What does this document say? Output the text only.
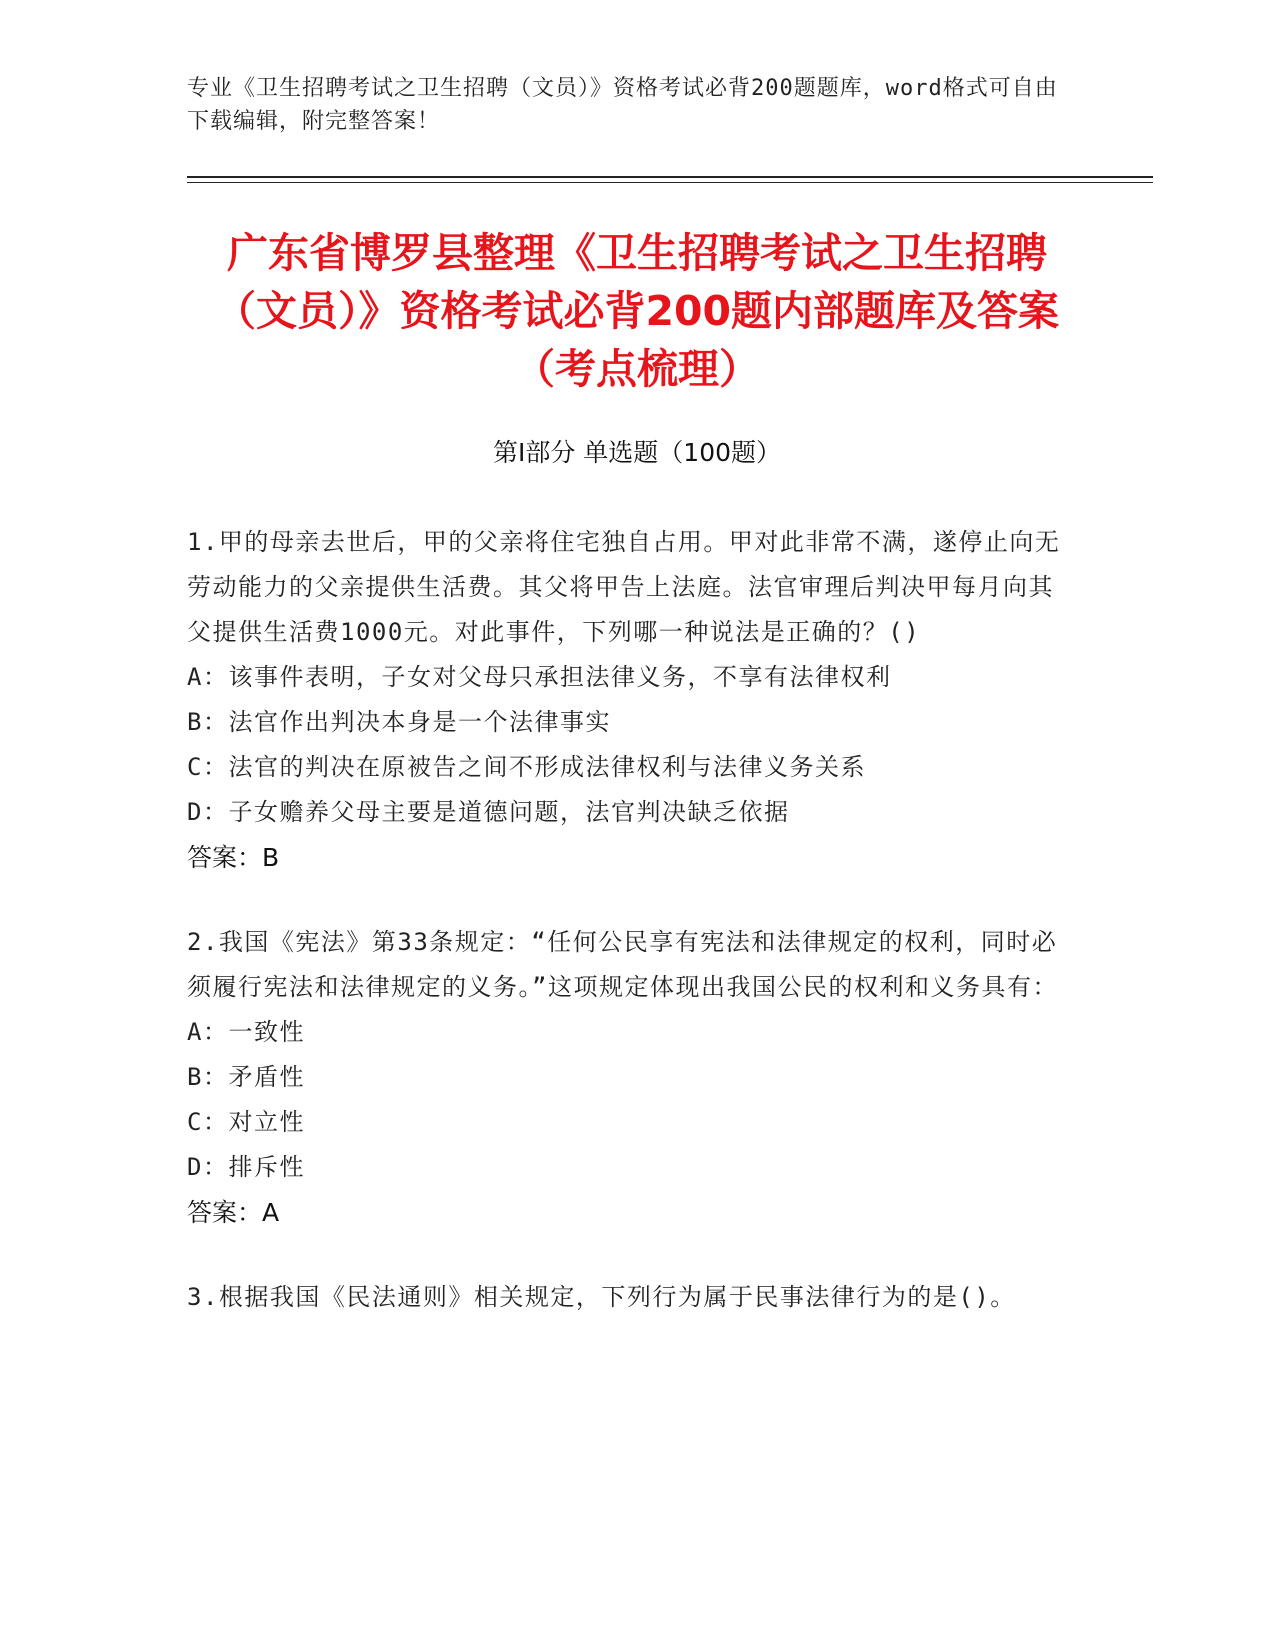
专业《卫生招聘考试之卫生招聘（文员）》资格考试必背200题题库，word格式可自由下载编辑，附完整答案！
广东省博罗县整理《卫生招聘考试之卫生招聘（文员）》资格考试必背200题内部题库及答案（考点梳理）
第Ⅰ部分 单选题（100题）

1.甲的母亲去世后，甲的父亲将住宅独自占用。甲对此非常不满，遂停止向无劳动能力的父亲提供生活费。其父将甲告上法庭。法官审理后判决甲每月向其父提供生活费1000元。对此事件，下列哪一种说法是正确的？()

A：该事件表明，子女对父母只承担法律义务，不享有法律权利

B：法官作出判决本身是一个法律事实

C：法官的判决在原被告之间不形成法律权利与法律义务关系

D：子女赡养父母主要是道德问题，法官判决缺乏依据

答案：B

2.我国《宪法》第33条规定：“任何公民享有宪法和法律规定的权利，同时必须履行宪法和法律规定的义务。”这项规定体现出我国公民的权利和义务具有：

A：一致性

B：矛盾性

C：对立性

D：排斥性

答案：A

3.根据我国《民法通则》相关规定，下列行为属于民事法律行为的是()。
